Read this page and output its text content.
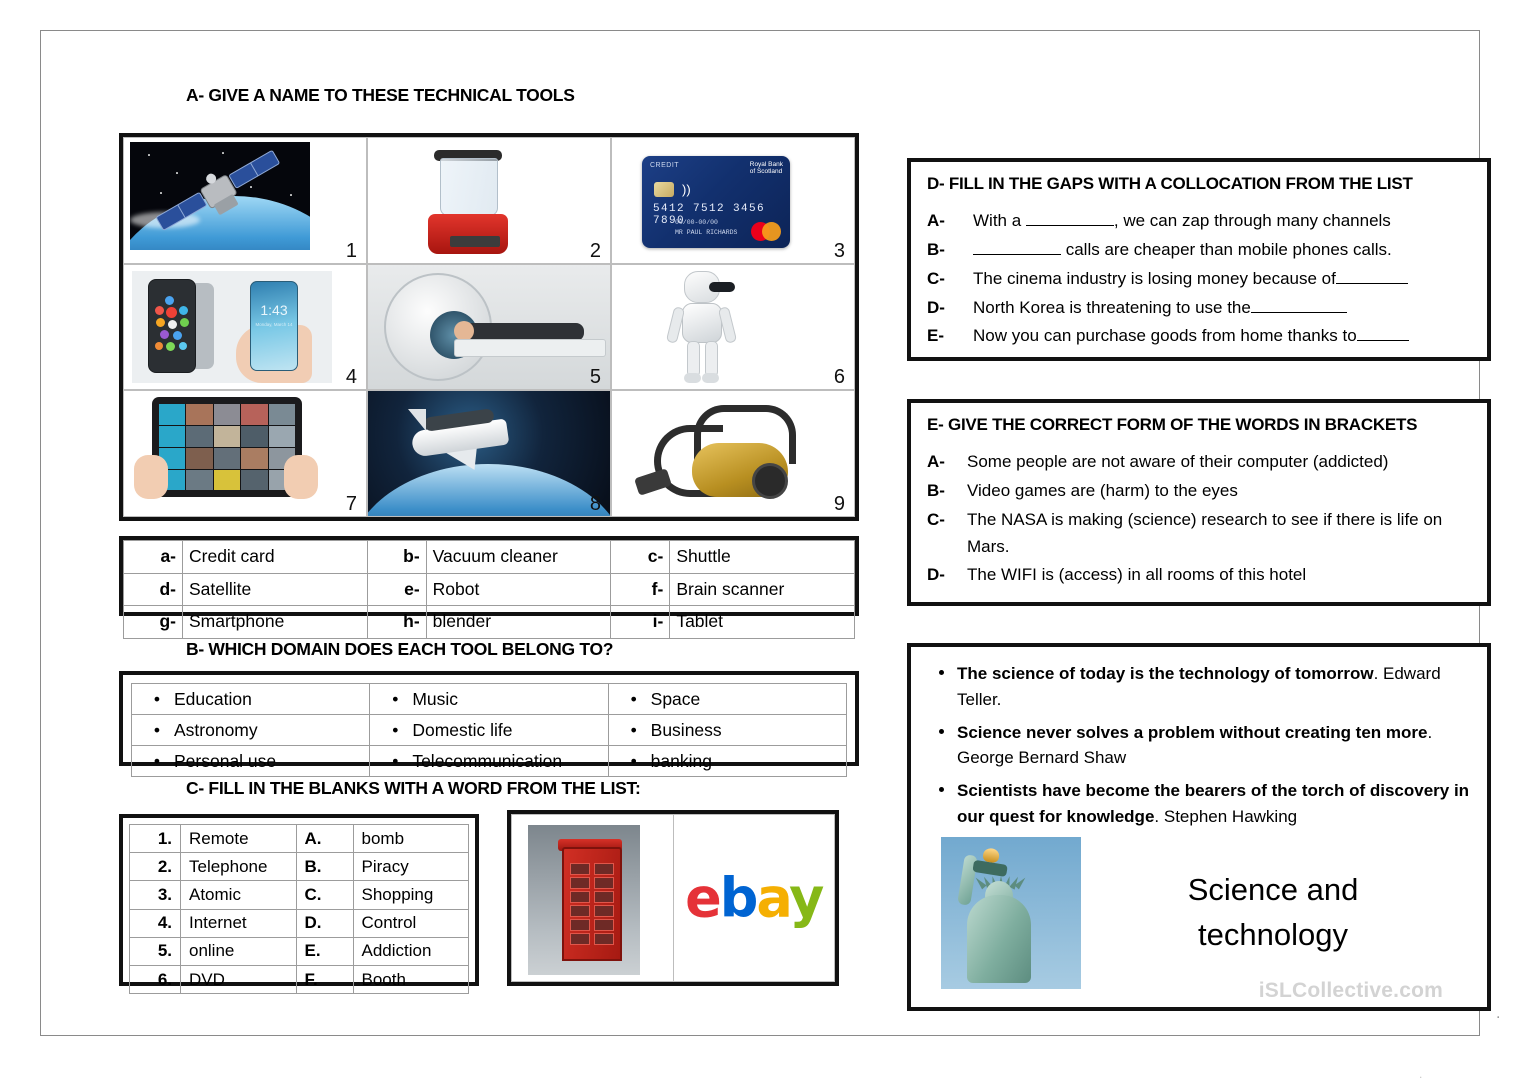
A- GIVE A NAME TO THESE TECHNICAL TOOLS
1	2
CREDIT	Royal Bank
of Scotland
))
5412 7512 3456 7890
00/00-00/00
MR PAUL RICHARDS
3
1:43
Monday, March 14
4	5	6
7	8	9
a-	Credit card	b-	Vacuum cleaner	c-	Shuttle
d-	Satellite	e-	Robot	f-	Brain scanner
g-	Smartphone	h-	blender	i-	Tablet
B- WHICH DOMAIN DOES EACH TOOL BELONG TO?
• Education	• Music	• Space
• Astronomy	• Domestic life	• Business
• Personal use	• Telecommunication	• banking
C- FILL IN THE BLANKS WITH A WORD FROM THE LIST:
1.	Remote	A.	bomb
2.	Telephone	B.	Piracy
3.	Atomic	C.	Shopping
4.	Internet	D.	Control
5.	online	E.	Addiction
6.	DVD	F.	Booth
ebay
D- FILL IN THE GAPS WITH A COLLOCATION FROM THE LIST
A-	With a	, we can zap through many channels
B-	calls are cheaper than mobile phones calls.
C-	The cinema industry is losing money because of
D-	North Korea is threatening to use the
E-	Now you can purchase goods from home thanks to
E- GIVE THE CORRECT FORM OF THE WORDS IN BRACKETS
A-	Some people are not aware of their computer (addicted)
B-	Video games are (harm) to the eyes
C-	The NASA is making (science) research to see if there is life on Mars.
D-	The WIFI is (access) in all rooms of this hotel
The science of today is the technology of tomorrow. Edward Teller.
Science never solves a problem without creating ten more. George Bernard Shaw
Scientists have become the bearers of the torch of discovery in our quest for knowledge. Stephen Hawking
Science and
technology
iSLCollective.com
.
.
